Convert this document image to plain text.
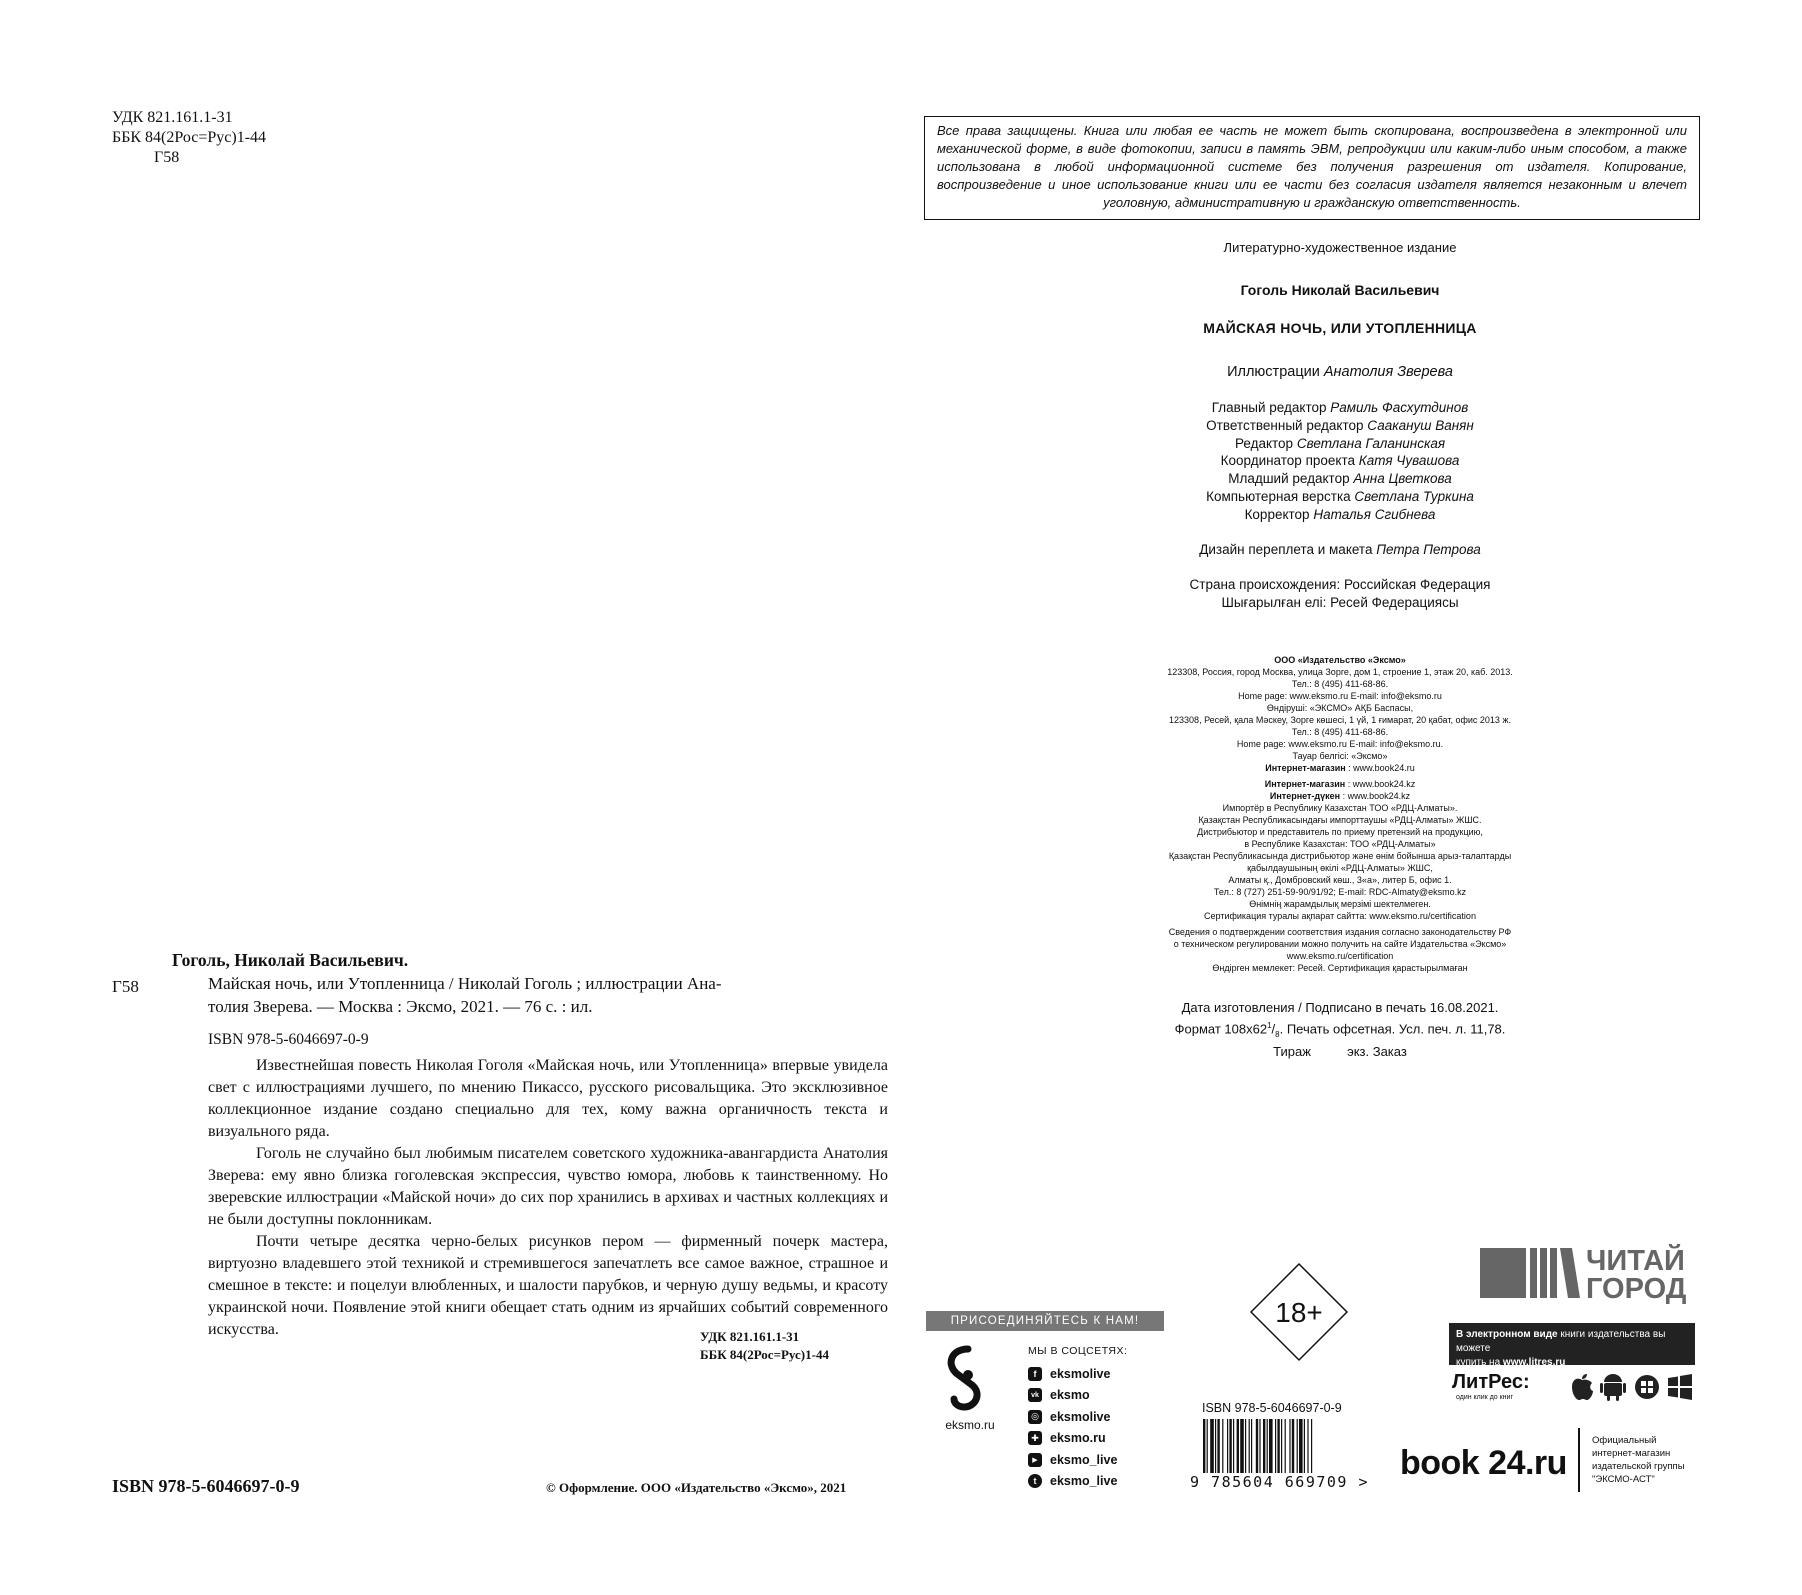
УДК 821.161.1-31
ББК 84(2Рос=Рус)1-44
Г58
Гоголь, Николай Васильевич.
Г58	Майская ночь, или Утопленница / Николай Гоголь ; иллюстрации Ана-
толия Зверева. — Москва : Эксмо, 2021. — 76 с. : ил.
ISBN 978-5-6046697-0-9

Известнейшая повесть Николая Гоголя «Майская ночь, или Утопленница» впервые увидела свет с иллюстрациями лучшего, по мнению Пикассо, русского рисовальщика. Это эксклюзивное коллекционное издание создано специально для тех, кому важна органичность текста и визуального ряда.

Гоголь не случайно был любимым писателем советского художника-авангардиста Анатолия Зверева: ему явно близка гоголевская экспрессия, чувство юмора, любовь к таинственному. Но зверевские иллюстрации «Майской ночи» до сих пор хранились в архивах и частных коллекциях и не были доступны поклонникам.

Почти четыре десятка черно-белых рисунков пером — фирменный почерк мастера, виртуозно владевшего этой техникой и стремившегося запечатлеть все самое важное, страшное и смешное в тексте: и поцелуи влюбленных, и шалости парубков, и черную душу ведьмы, и красоту украинской ночи. Появление этой книги обещает стать одним из ярчайших событий современного искусства.	УДК 821.161.1-31
ББК 84(2Рос=Рус)1-44
ISBN 978-5-6046697-0-9	© Оформление. ООО «Издательство «Эксмо», 2021
Все права защищены. Книга или любая ее часть не может быть скопирована, воспроизведена в электронной или механической форме, в виде фотокопии, записи в память ЭВМ, репродукции или каким-либо иным способом, а также использована в любой информационной системе без получения разрешения от издателя. Копирование, воспроизведение и иное использование книги или ее части без согласия издателя является незаконным и влечет уголовную, административную и гражданскую ответственность.
Литературно-художественное издание
Гоголь Николай Васильевич
МАЙСКАЯ НОЧЬ, ИЛИ УТОПЛЕННИЦА
Иллюстрации Анатолия Зверева
Главный редактор Рамиль Фасхутдинов
Ответственный редактор Саакануш Ванян
Редактор Светлана Галанинская
Координатор проекта Катя Чувашова
Младший редактор Анна Цветкова
Компьютерная верстка Светлана Туркина
Корректор Наталья Сгибнева
Дизайн переплета и макета Петра Петрова
Страна происхождения: Российская Федерация
Шығарылған елі: Ресей Федерациясы
ООО «Издательство «Эксмо»
123308, Россия, город Москва, улица Зорге, дом 1, строение 1, этаж 20, каб. 2013.
Тел.: 8 (495) 411-68-86.
Home page: www.eksmo.ru E-mail: info@eksmo.ru
Өндіруші: «ЭКСМО» АҚБ Баспасы,
123308, Ресей, қала Мәскеу, Зорге көшесі, 1 үй, 1 ғимарат, 20 қабат, офис 2013 ж.
Тел.: 8 (495) 411-68-86.
Home page: www.eksmo.ru E-mail: info@eksmo.ru.
Тауар белгісі: «Эксмо»
Интернет-магазин : www.book24.ru
Интернет-магазин : www.book24.kz
Интернет-дүкен : www.book24.kz
Импортёр в Республику Казахстан ТОО «РДЦ-Алматы».
Қазақстан Республикасындағы импорттаушы «РДЦ-Алматы» ЖШС.
Дистрибьютор и представитель по приему претензий на продукцию,
в Республике Казахстан: ТОО «РДЦ-Алматы»
Қазақстан Республикасында дистрибьютор және өнім бойынша арыз-талаптарды
қабылдаушының өкілі «РДЦ-Алматы» ЖШС,
Алматы қ., Домбровский көш., 3«а», литер Б, офис 1.
Тел.: 8 (727) 251-59-90/91/92; E-mail: RDC-Almaty@eksmo.kz
Өнімнің жарамдылық мерзімі шектелмеген.
Сертификация туралы ақпарат сайтта: www.eksmo.ru/certification
Сведения о подтверждении соответствия издания согласно законодательству РФ
о техническом регулировании можно получить на сайте Издательства «Эксмо»
www.eksmo.ru/certification
Өндірген мемлекет: Ресей. Сертификация қарастырылмаған
Дата изготовления / Подписано в печать 16.08.2021.
Формат $108x62^1/_8$. Печать офсетная. Усл. печ. л. 11,78.
Тираж          экз. Заказ
ПРИСОЕДИНЯЙТЕСЬ К НАМ!
eksmo.ru
МЫ В СОЦСЕТЯХ:
f	eksmolive
vk eksmo
◎ eksmolive
✚ eksmo.ru
▶ eksmo_live
t	eksmo_live
18+
ISBN 978-5-6046697-0-9
9 785604 669709 >
ЧИТАЙ
ГОРОД
В электронном виде книги издательства вы можете
купить на www.litres.ru
ЛитРес:
один клик до книг
book 24.ru
Официальный
интернет-магазин
издательской группы
"ЭКСМО-АСТ"
